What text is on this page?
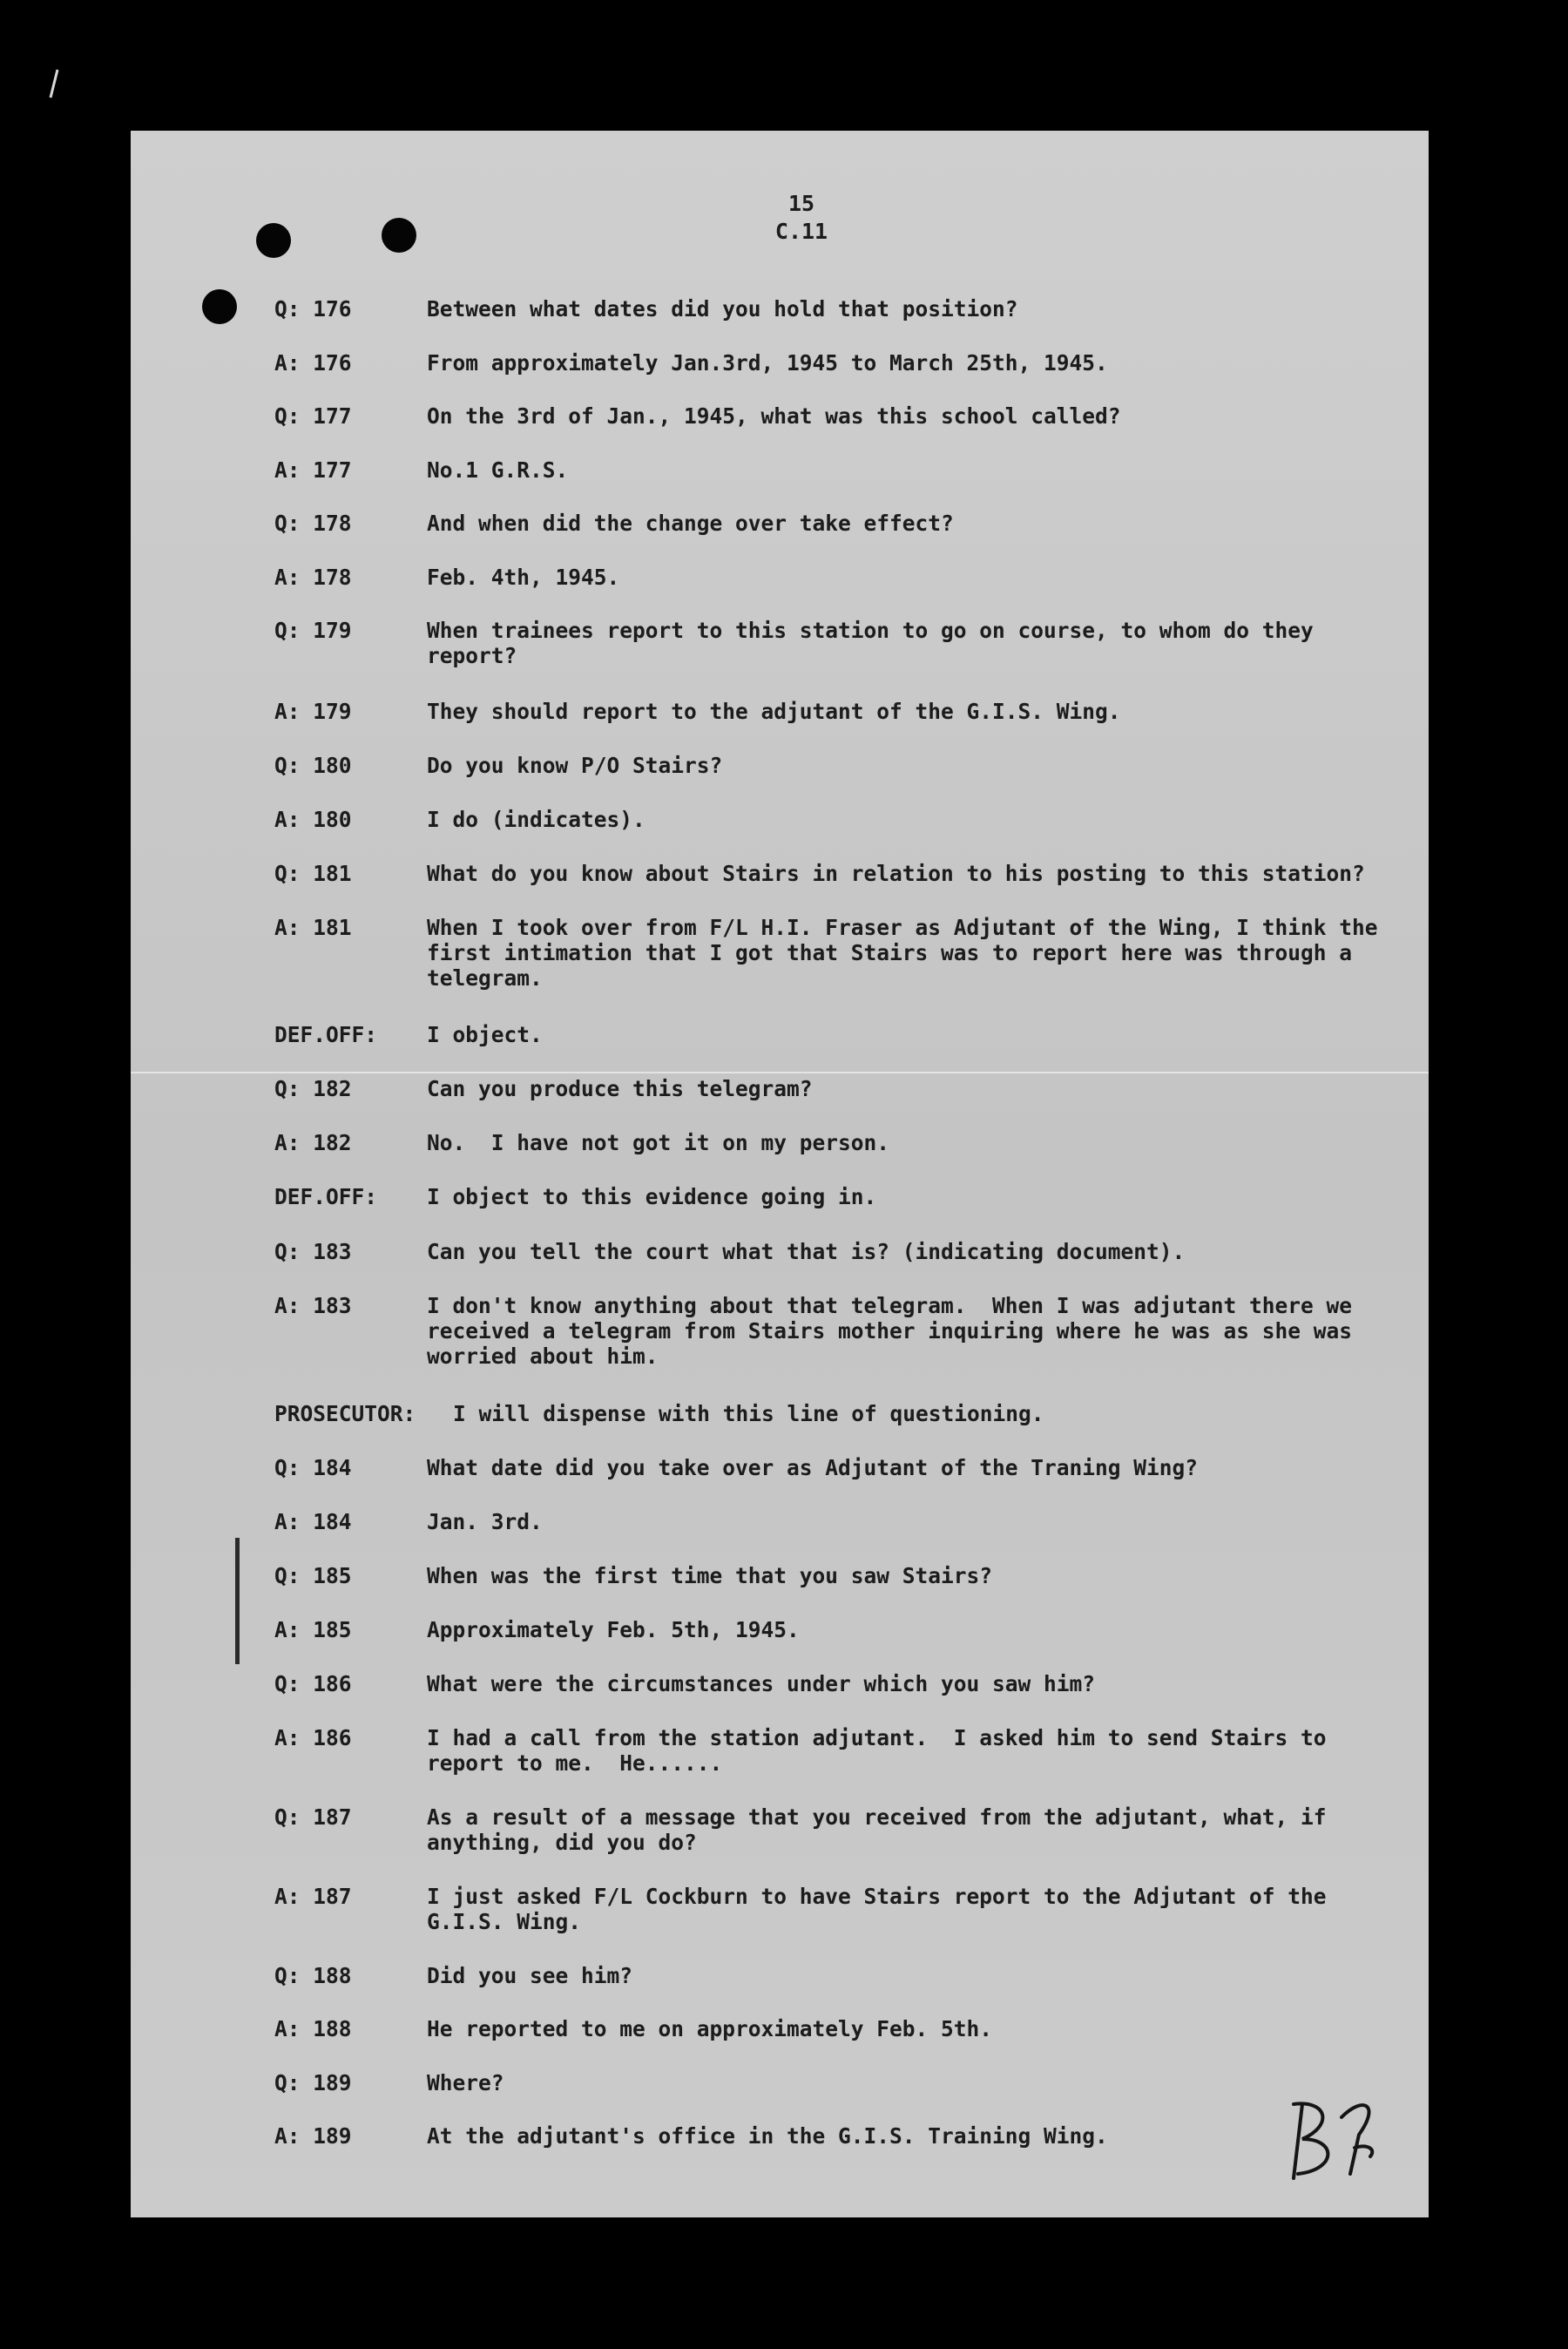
15
C.11
Q: 176	Between what dates did you hold that position?
A: 176	From approximately Jan.3rd, 1945 to March 25th, 1945.
Q: 177	On the 3rd of Jan., 1945, what was this school called?
A: 177	No.1 G.R.S.
Q: 178	And when did the change over take effect?
A: 178	Feb. 4th, 1945.
Q: 179	When trainees report to this station to go on course, to whom do they report?
A: 179	They should report to the adjutant of the G.I.S. Wing.
Q: 180	Do you know P/O Stairs?
A: 180	I do (indicates).
Q: 181	What do you know about Stairs in relation to his posting to this station?
A: 181	When I took over from F/L H.I. Fraser as Adjutant of the Wing, I think the first intimation that I got that Stairs was to report here was through a telegram.
DEF.OFF:	I object.
Q: 182	Can you produce this telegram?
A: 182	No.  I have not got it on my person.
DEF.OFF:	I object to this evidence going in.
Q: 183	Can you tell the court what that is? (indicating document).
A: 183	I don't know anything about that telegram.  When I was adjutant there we received a telegram from Stairs mother inquiring where he was as she was worried about him.
PROSECUTOR: I will dispense with this line of questioning.
Q: 184	What date did you take over as Adjutant of the Traning Wing?
A: 184	Jan. 3rd.
Q: 185	When was the first time that you saw Stairs?
A: 185	Approximately Feb. 5th, 1945.
Q: 186	What were the circumstances under which you saw him?
A: 186	I had a call from the station adjutant.  I asked him to send Stairs to report to me.  He......
Q: 187	As a result of a message that you received from the adjutant, what, if anything, did you do?
A: 187	I just asked F/L Cockburn to have Stairs report to the Adjutant of the G.I.S. Wing.
Q: 188	Did you see him?
A: 188	He reported to me on approximately Feb. 5th.
Q: 189	Where?
A: 189	At the adjutant's office in the G.I.S. Training Wing.
